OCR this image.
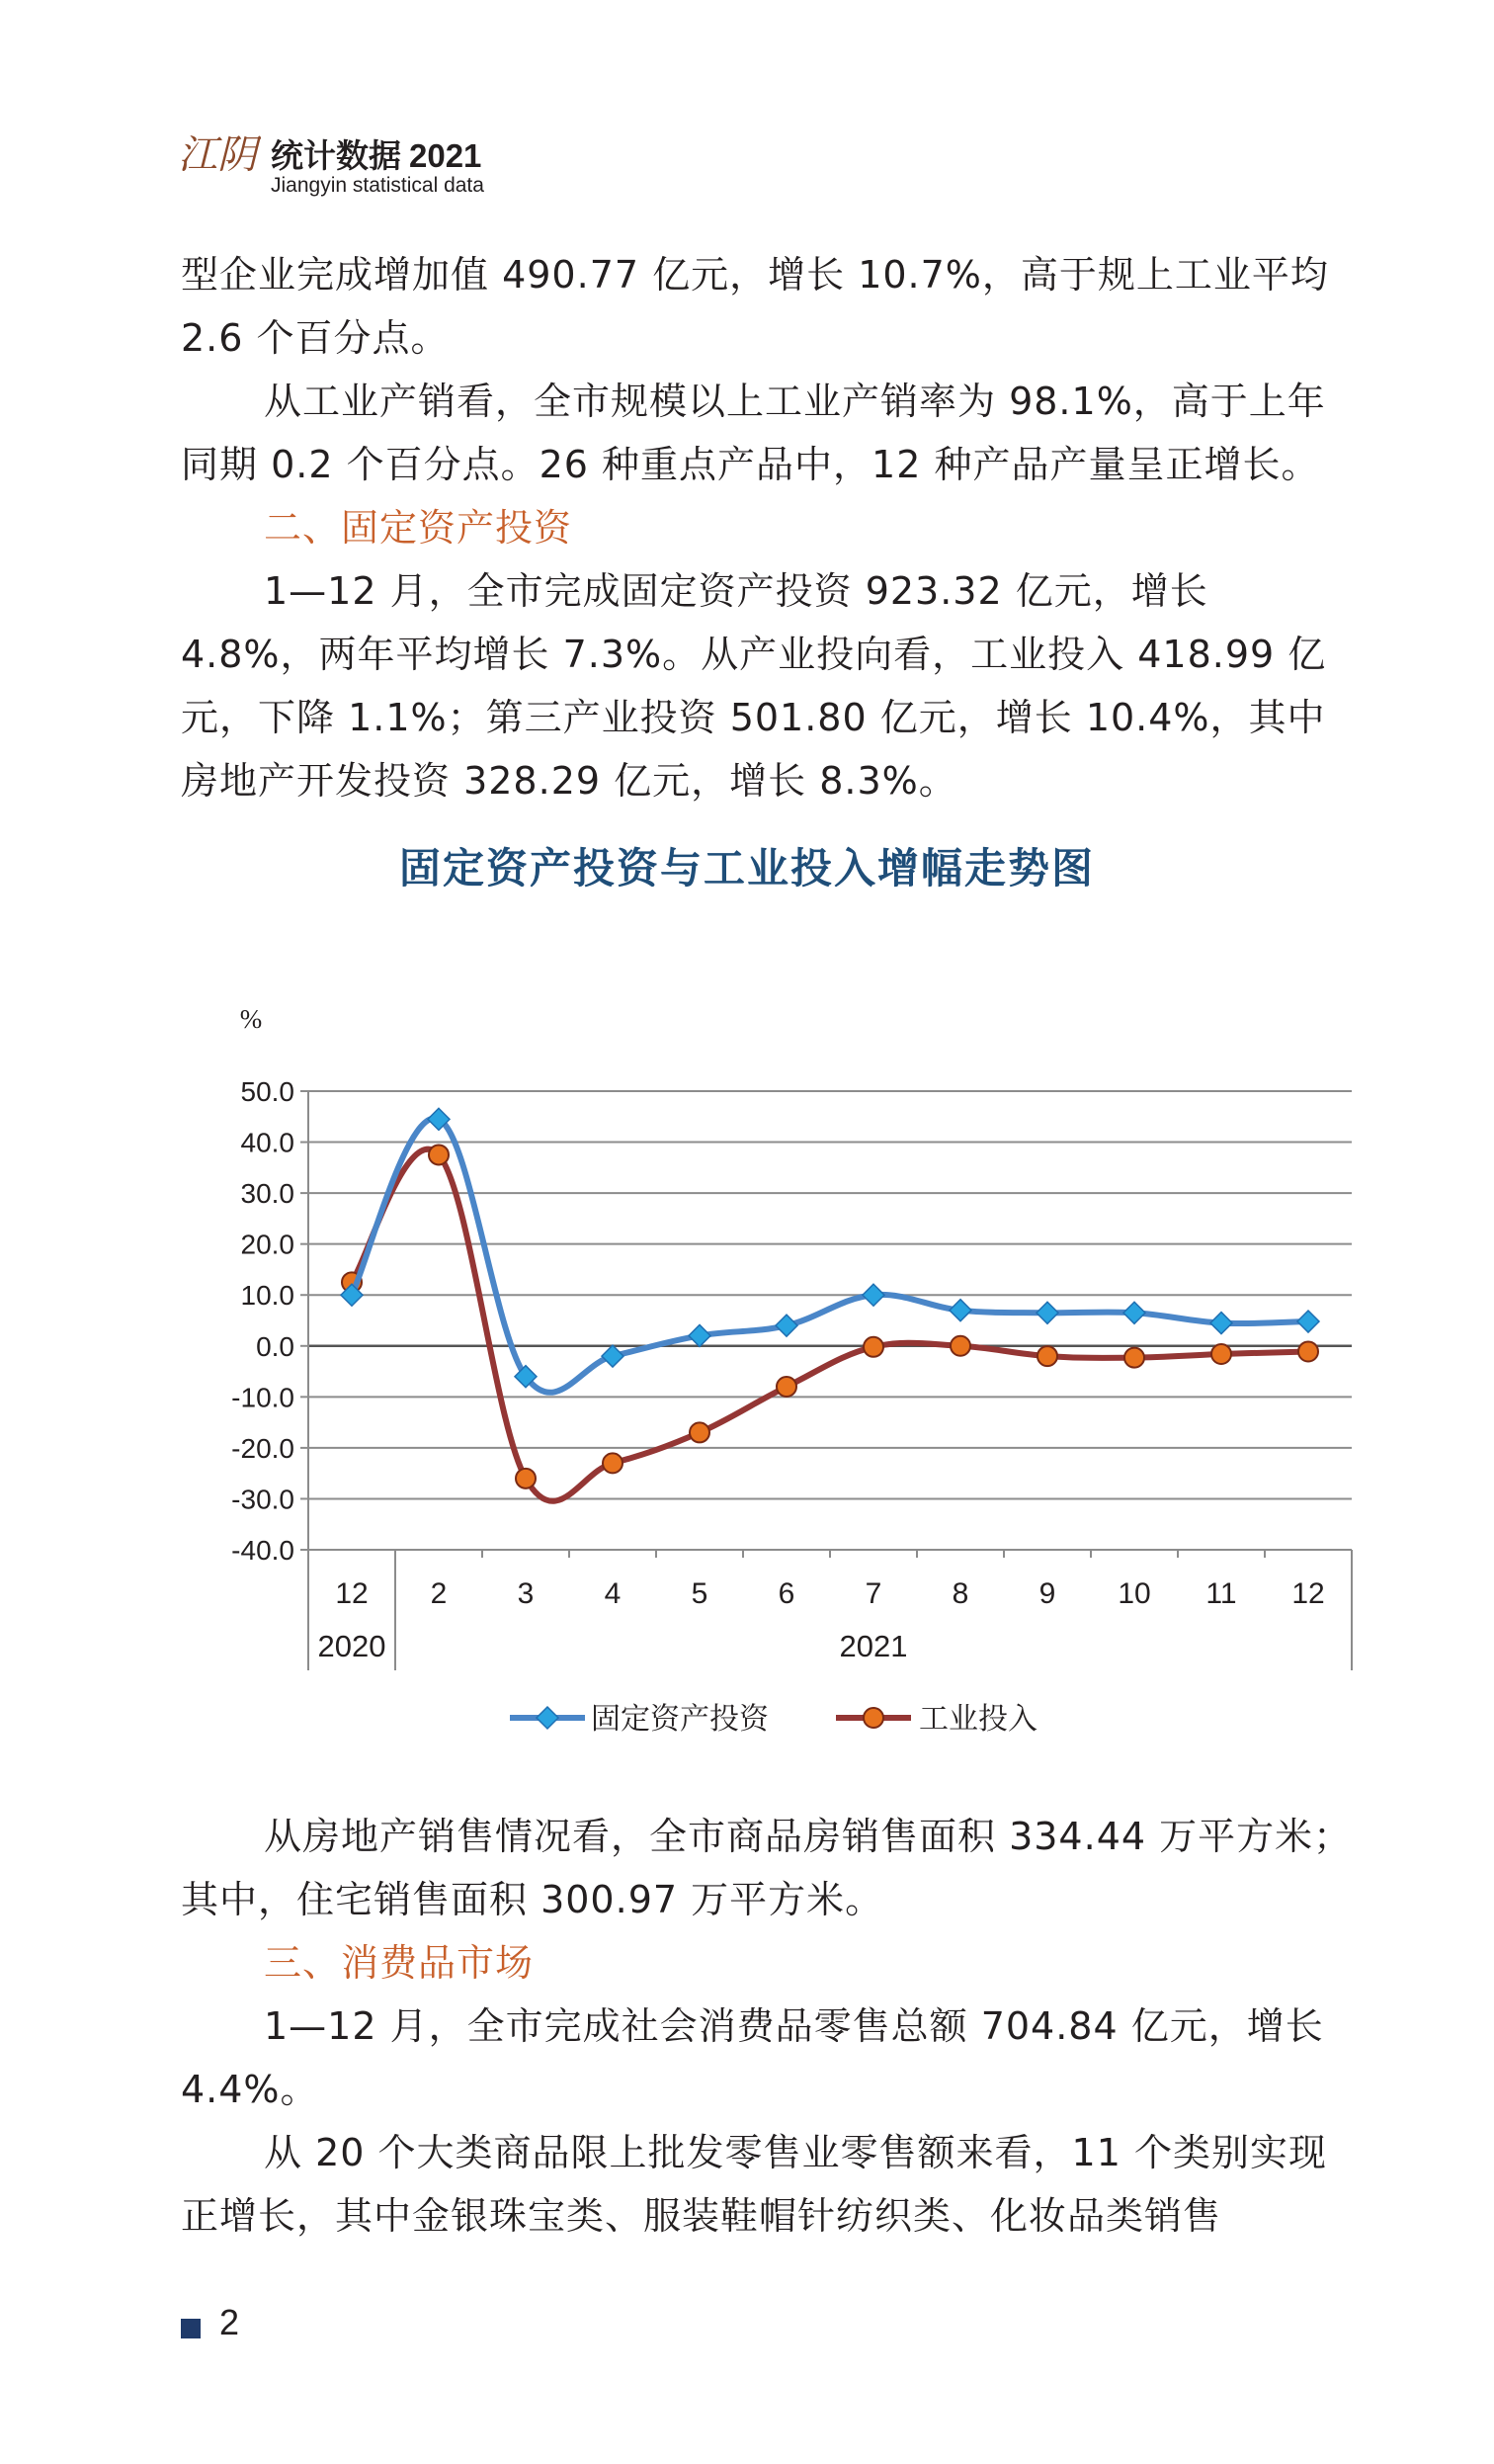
江阴 统计数据 2021
Jiangyin statistical data

型企业完成增加值 490.77 亿元，增长 10.7%，高于规上工业平均 2.6 个百分点。

从工业产销看，全市规模以上工业产销率为 98.1%，高于上年同期 0.2 个百分点。26 种重点产品中，12 种产品产量呈正增长。

二、固定资产投资

1—12 月，全市完成固定资产投资 923.32 亿元，增长 4.8%，两年平均增长 7.3%。从产业投向看，工业投入 418.99 亿元，下降 1.1%；第三产业投资 501.80 亿元，增长 10.4%，其中房地产开发投资 328.29 亿元，增长 8.3%。

固定资产投资与工业投入增幅走势图
%
50.0
40.0
30.0
20.0
10.0
0.0
-10.0
-20.0
-30.0
-40.0
12 2 3 4 5 6 7 8 9 10 11 12
2020	2021
固定资产投资	工业投入

从房地产销售情况看，全市商品房销售面积 334.44 万平方米；其中，住宅销售面积 300.97 万平方米。

三、消费品市场

1—12 月，全市完成社会消费品零售总额 704.84 亿元，增长 4.4%。

从 20 个大类商品限上批发零售业零售额来看，11 个类别实现正增长，其中金银珠宝类、服装鞋帽针纺织类、化妆品类销售

2
